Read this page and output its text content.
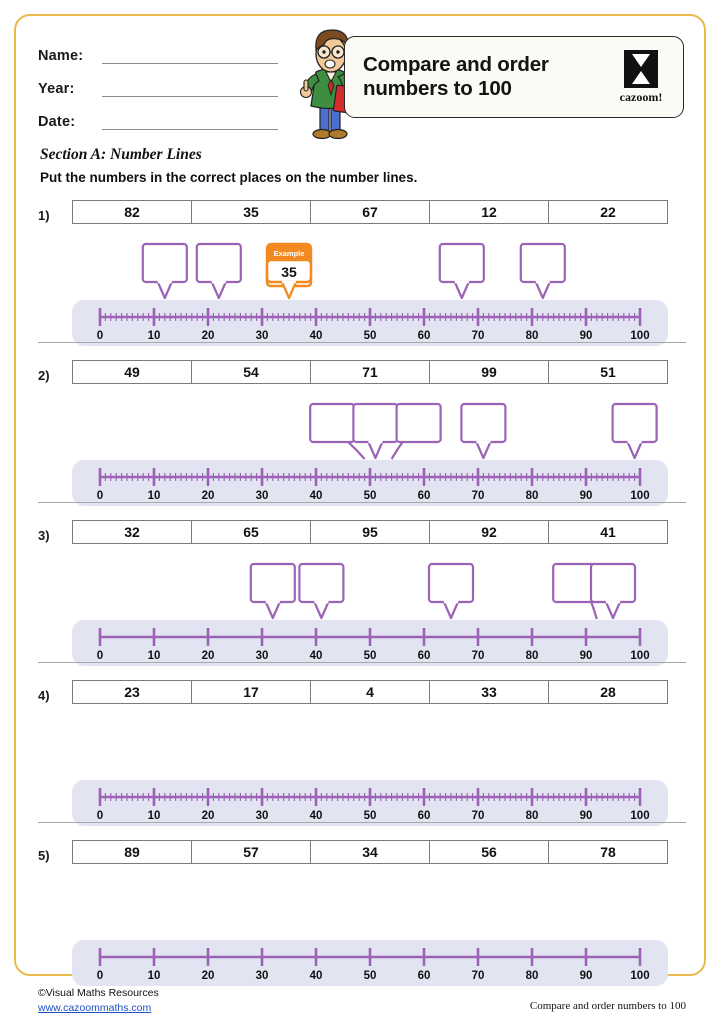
Name:
Year:
Date:
Compare and order numbers to 100	cazoom!

Section A: Number Lines

Put the numbers in the correct places on the number lines.

1)	82	35	67	12	22
Example
35
0	10	20	30	40	50	60	70	80	90	100
2)	49	54	71	99	51
0	10	20	30	40	50	60	70	80	90	100
3)	32	65	95	92	41
0	10	20	30	40	50	60	70	80	90	100
4)	23	17	4	33	28
0	10	20	30	40	50	60	70	80	90	100
5)	89	57	34	56	78
0	10	20	30	40	50	60	70	80	90	100
©Visual Maths Resources
www.cazoommaths.com	Compare and order numbers to 100
